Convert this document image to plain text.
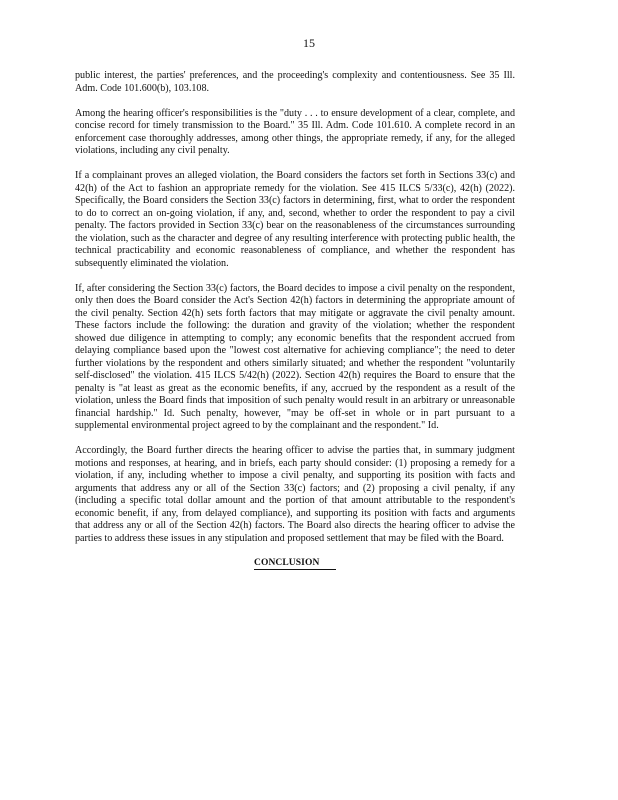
15

public interest, the parties' preferences, and the proceeding's complexity and contentiousness. See 35 Ill. Adm. Code 101.600(b), 103.108.

Among the hearing officer's responsibilities is the "duty . . . to ensure development of a clear, complete, and concise record for timely transmission to the Board." 35 Ill. Adm. Code 101.610. A complete record in an enforcement case thoroughly addresses, among other things, the appropriate remedy, if any, for the alleged violations, including any civil penalty.

If a complainant proves an alleged violation, the Board considers the factors set forth in Sections 33(c) and 42(h) of the Act to fashion an appropriate remedy for the violation. See 415 ILCS 5/33(c), 42(h) (2022). Specifically, the Board considers the Section 33(c) factors in determining, first, what to order the respondent to do to correct an on-going violation, if any, and, second, whether to order the respondent to pay a civil penalty. The factors provided in Section 33(c) bear on the reasonableness of the circumstances surrounding the violation, such as the character and degree of any resulting interference with protecting public health, the technical practicability and economic reasonableness of compliance, and whether the respondent has subsequently eliminated the violation.

If, after considering the Section 33(c) factors, the Board decides to impose a civil penalty on the respondent, only then does the Board consider the Act's Section 42(h) factors in determining the appropriate amount of the civil penalty. Section 42(h) sets forth factors that may mitigate or aggravate the civil penalty amount. These factors include the following: the duration and gravity of the violation; whether the respondent showed due diligence in attempting to comply; any economic benefits that the respondent accrued from delaying compliance based upon the "lowest cost alternative for achieving compliance"; the need to deter further violations by the respondent and others similarly situated; and whether the respondent "voluntarily self-disclosed" the violation. 415 ILCS 5/42(h) (2022). Section 42(h) requires the Board to ensure that the penalty is "at least as great as the economic benefits, if any, accrued by the respondent as a result of the violation, unless the Board finds that imposition of such penalty would result in an arbitrary or unreasonable financial hardship." Id. Such penalty, however, "may be off-set in whole or in part pursuant to a supplemental environmental project agreed to by the complainant and the respondent." Id.

Accordingly, the Board further directs the hearing officer to advise the parties that, in summary judgment motions and responses, at hearing, and in briefs, each party should consider: (1) proposing a remedy for a violation, if any, including whether to impose a civil penalty, and supporting its position with facts and arguments that address any or all of the Section 33(c) factors; and (2) proposing a civil penalty, if any (including a specific total dollar amount and the portion of that amount attributable to the respondent's economic benefit, if any, from delayed compliance), and supporting its position with facts and arguments that address any or all of the Section 42(h) factors. The Board also directs the hearing officer to advise the parties to address these issues in any stipulation and proposed settlement that may be filed with the Board.

CONCLUSION
